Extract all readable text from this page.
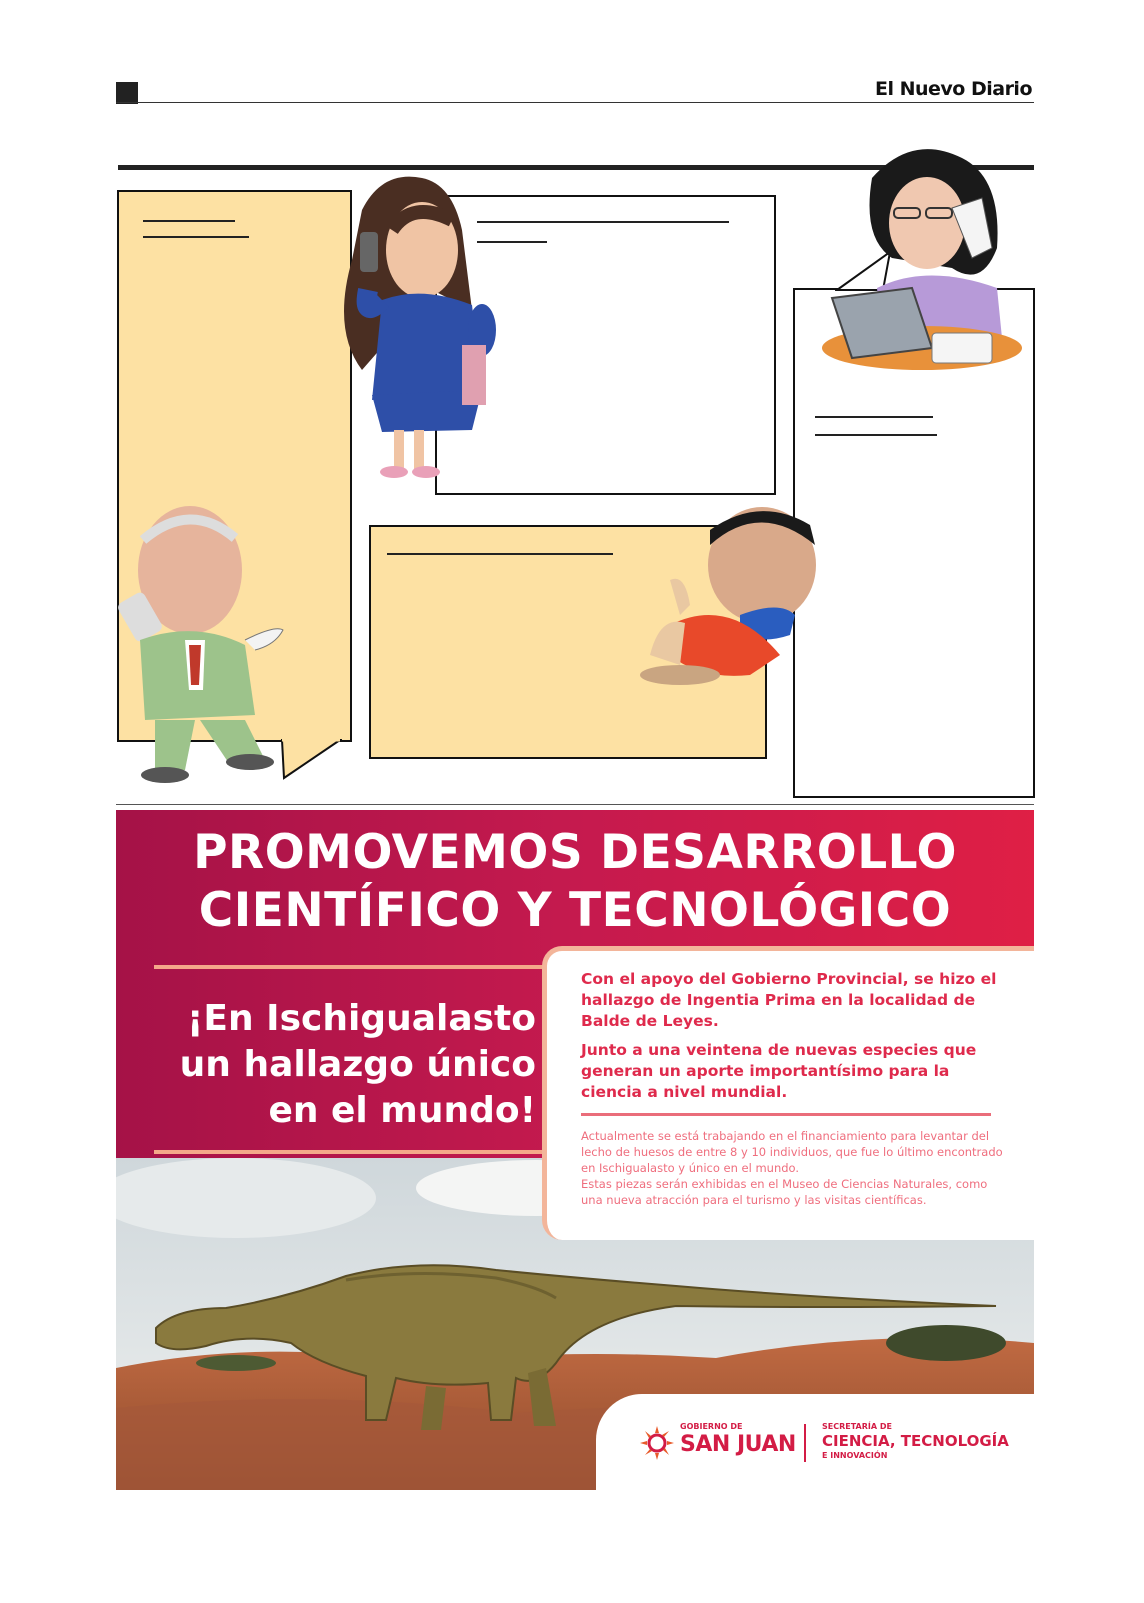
El Nuevo Diario
PROMOVEMOS DESARROLLO
CIENTÍFICO Y TECNOLÓGICO
¡En Ischigualasto
un hallazgo único
en el mundo!

Con el apoyo del Gobierno Provincial, se hizo el hallazgo de Ingentia Prima en la localidad de Balde de Leyes.

Junto a una veintena de nuevas especies que generan un aporte importantísimo para la ciencia a nivel mundial.

Actualmente se está trabajando en el financiamiento para levantar del lecho de huesos de entre 8 y 10 individuos, que fue lo último encontrado en Ischigualasto y único en el mundo.

Estas piezas serán exhibidas en el Museo de Ciencias Naturales, como una nueva atracción para el turismo y las visitas científicas.

GOBIERNO DE
SAN JUAN
SECRETARÍA DE
CIENCIA, TECNOLOGÍA
E INNOVACIÓN
